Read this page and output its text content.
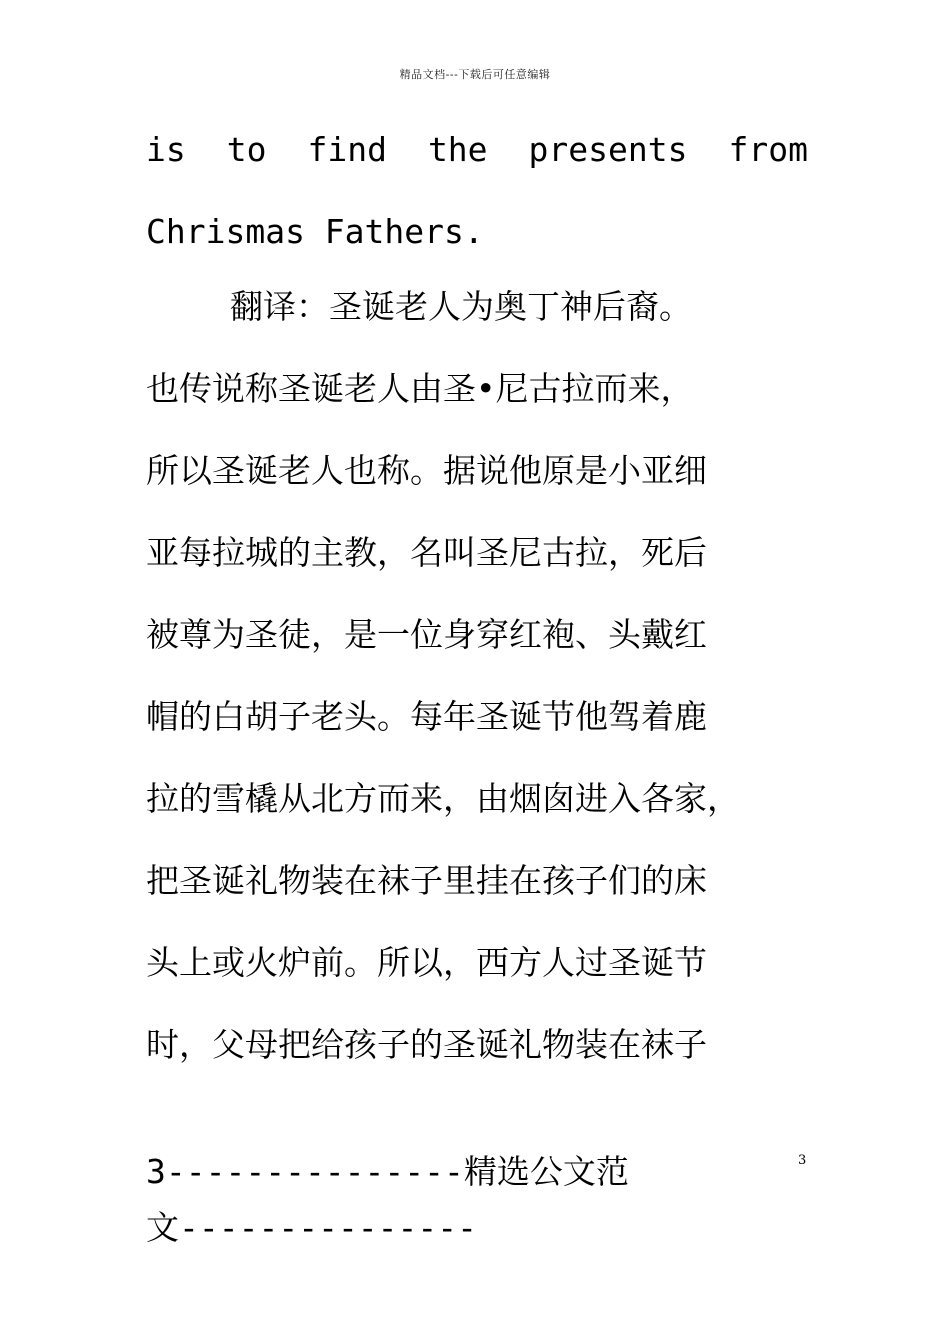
精品文档---下载后可任意编辑
is to find the presents from
Chrismas Fathers.
翻译：圣诞老人为奥丁神后裔。
也传说称圣诞老人由圣•尼古拉而来，
所以圣诞老人也称。据说他原是小亚细
亚每拉城的主教，名叫圣尼古拉，死后
被尊为圣徒，是一位身穿红袍、头戴红
帽的白胡子老头。每年圣诞节他驾着鹿
拉的雪橇从北方而来，由烟囱进入各家，
把圣诞礼物装在袜子里挂在孩子们的床
头上或火炉前。所以，西方人过圣诞节
时，父母把给孩子的圣诞礼物装在袜子
3---------------精选公文范
文---------------
3
